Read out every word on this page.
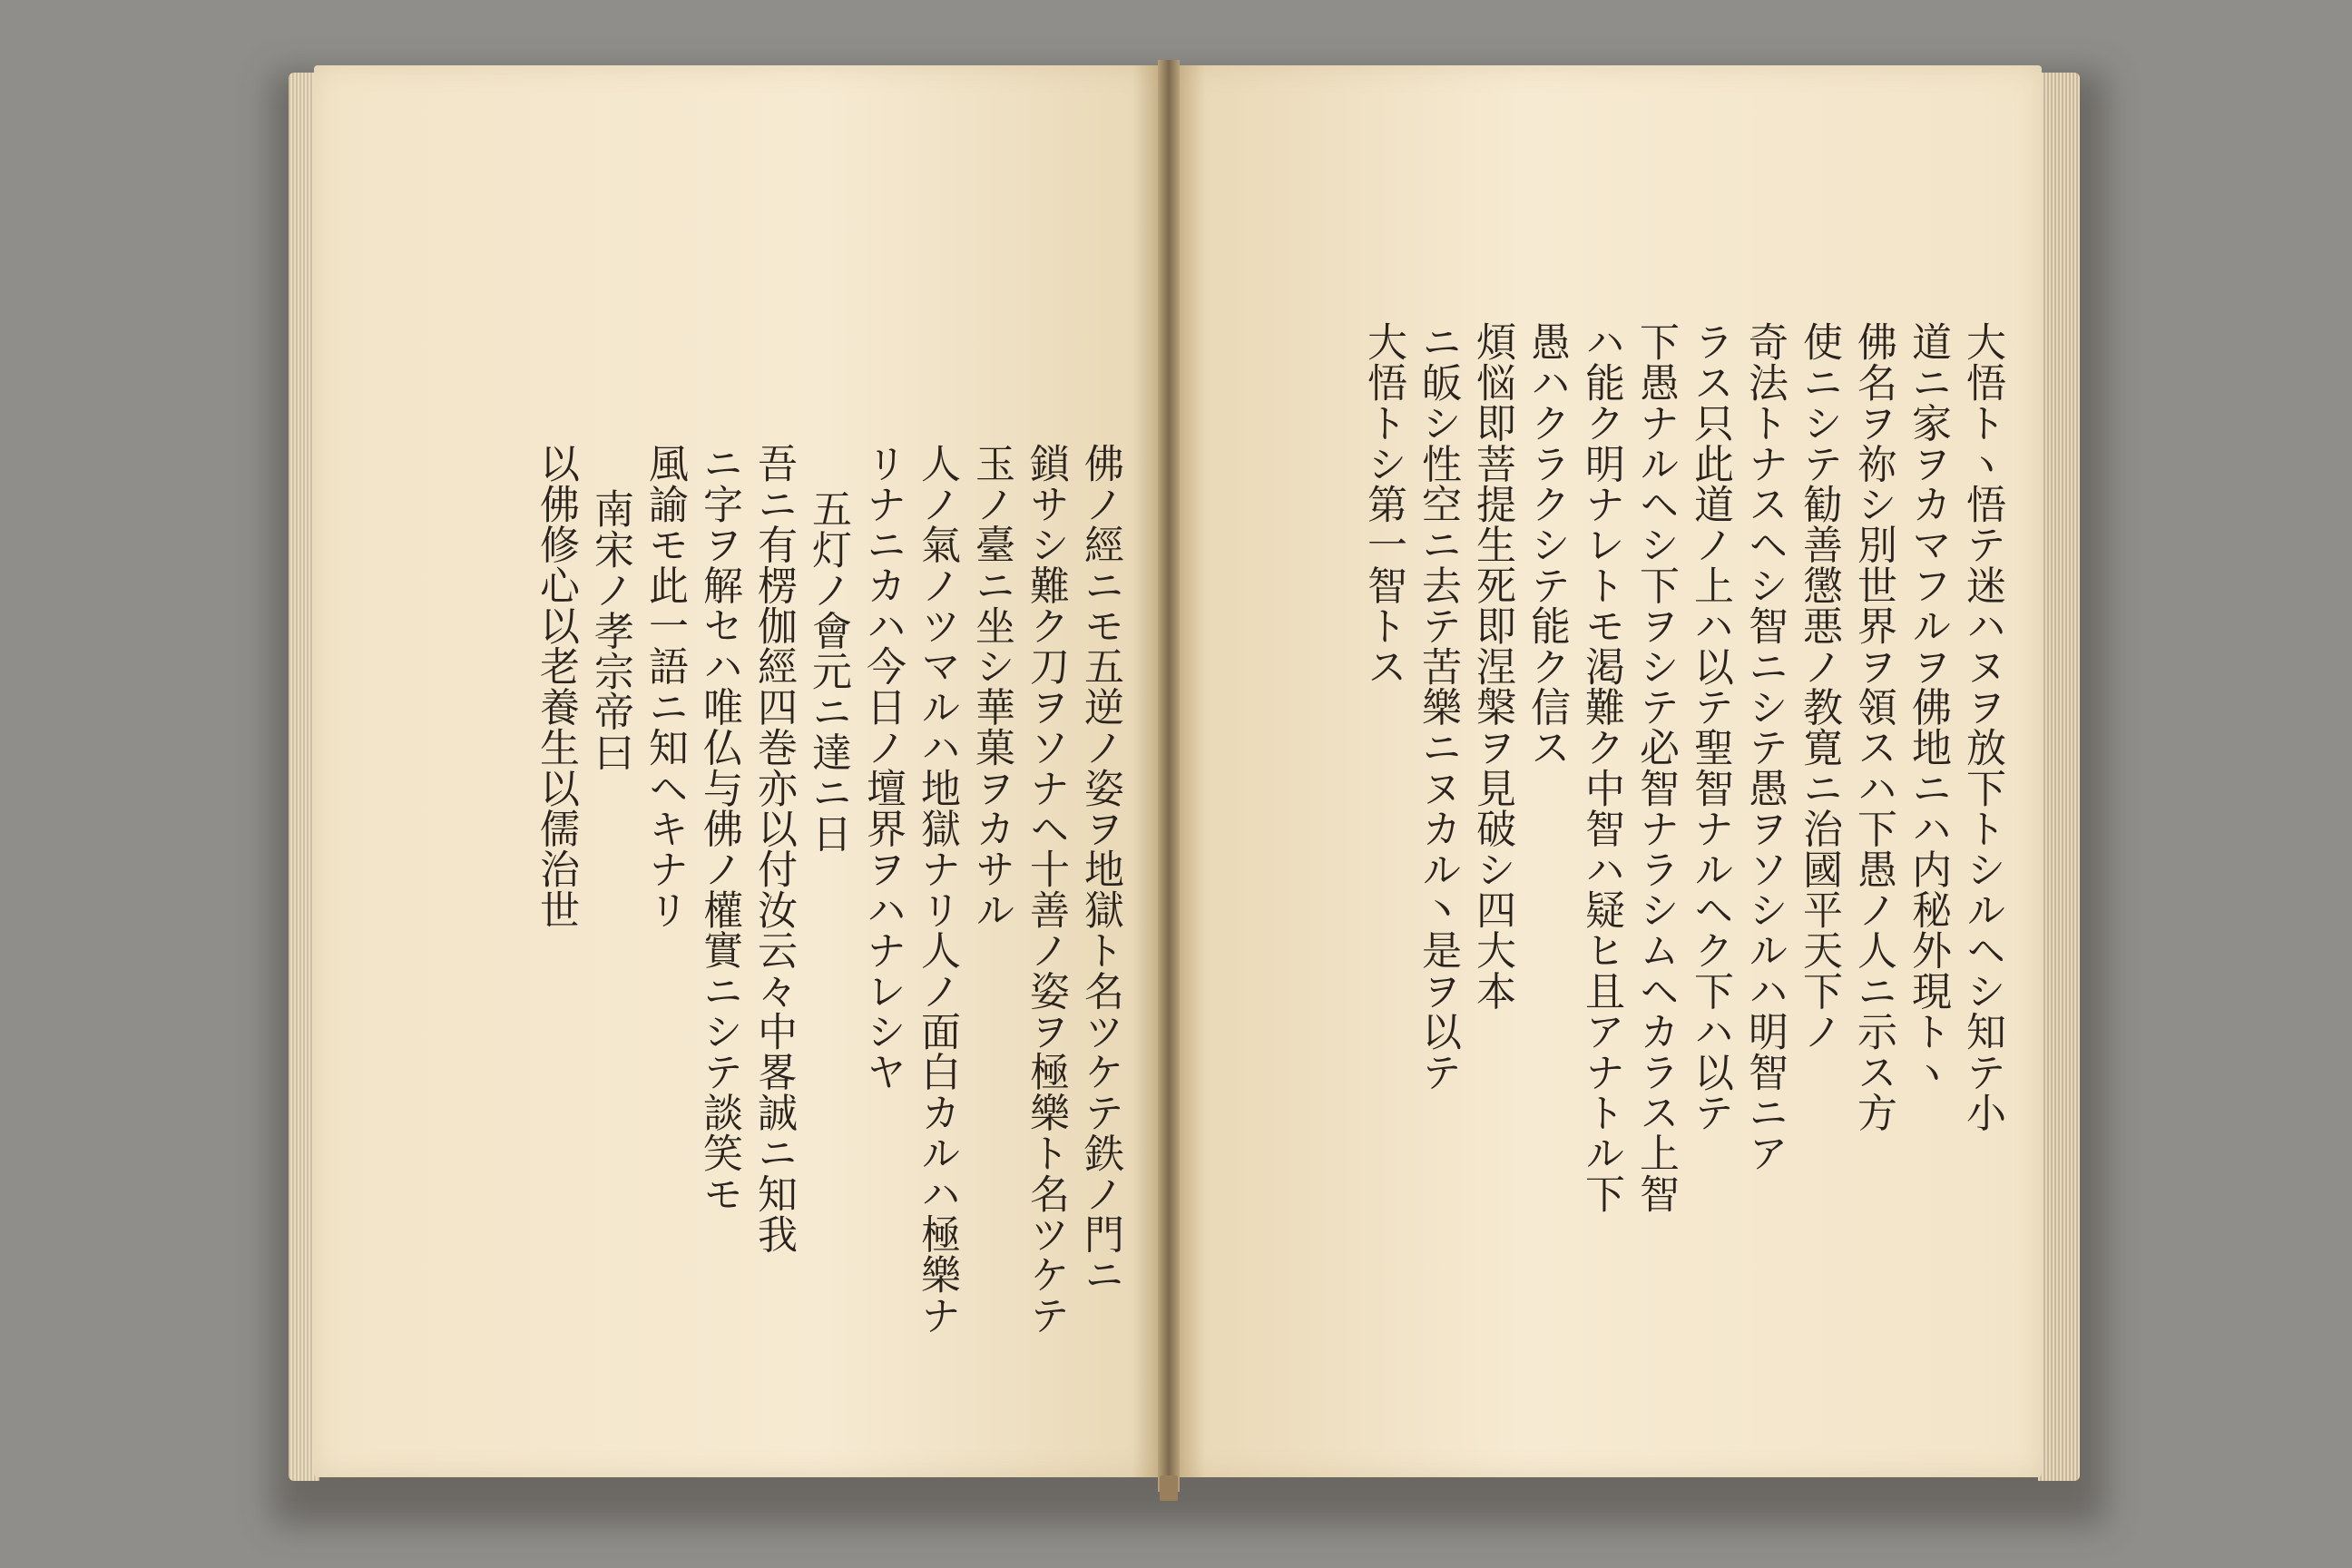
佛ノ經ニモ五逆ノ姿ヲ地獄ト名ツケテ鉄ノ門ニ
鎖サシ難ク刀ヲソナヘ十善ノ姿ヲ極樂ト名ツケテ
玉ノ臺ニ坐シ華菓ヲカサル
人ノ氣ノツマルハ地獄ナリ人ノ面白カルハ極樂ナ
リナニカハ今日ノ壇界ヲハナレシヤ
五灯ノ會元ニ達ニ日
吾ニ有楞伽經四巻亦以付汝云々中畧誠ニ知我
ニ字ヲ解セハ唯仏与佛ノ權實ニシテ談笑モ
風諭モ此一語ニ知ヘキナリ
南宋ノ孝宗帝曰
以佛修心以老養生以儒治世	大悟トヽ悟テ迷ハヌヲ放下トシルヘシ知テ小
道ニ家ヲカマフルヲ佛地ニハ内秘外現トヽ
佛名ヲ祢シ別世界ヲ領スハ下愚ノ人ニ示ス方
使ニシテ勧善懲悪ノ教寛ニ治國平天下ノ
奇法トナスヘシ智ニシテ愚ヲソシルハ明智ニア
ラス只此道ノ上ハ以テ聖智ナルヘク下ハ以テ
下愚ナルヘシ下ヲシテ必智ナラシムヘカラス上智
ハ能ク明ナレトモ渇難ク中智ハ疑ヒ且アナトル下
愚ハクラクシテ能ク信ス
煩悩即菩提生死即涅槃ヲ見破シ四大本
ニ皈シ性空ニ去テ苦樂ニヌカル丶是ヲ以テ
大悟トシ第一智トス
